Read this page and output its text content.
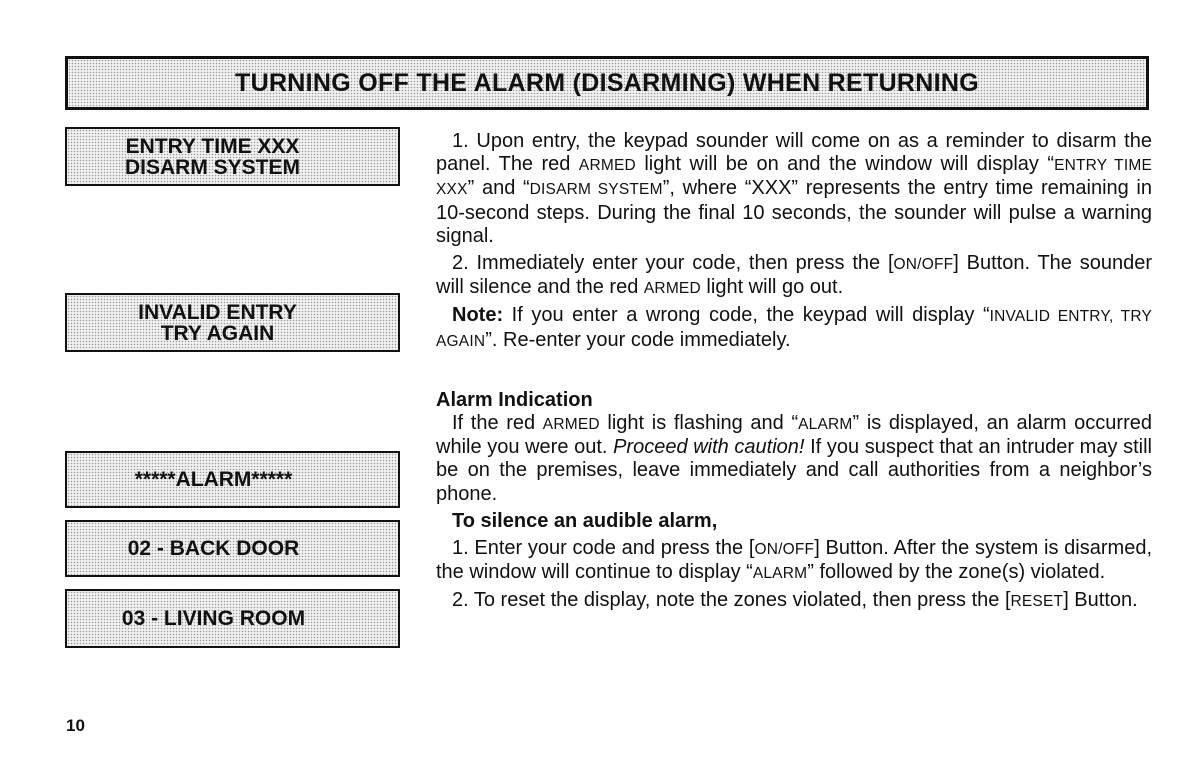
TURNING OFF THE ALARM (DISARMING) WHEN RETURNING
ENTRY TIME XXX
DISARM SYSTEM
INVALID ENTRY
TRY AGAIN
*****ALARM*****
02 - BACK DOOR
03 - LIVING ROOM

1. Upon entry, the keypad sounder will come on as a reminder to disarm the panel. The red ARMED light will be on and the window will display “ENTRY TIME XXX” and “DISARM SYSTEM”, where “XXX” represents the entry time remaining in 10-second steps. During the final 10 seconds, the sounder will pulse a warning signal.

2. Immediately enter your code, then press the [ON/OFF] Button. The sounder will silence and the red ARMED light will go out.

Note: If you enter a wrong code, the keypad will display “INVALID ENTRY, TRY AGAIN”. Re-enter your code immediately.

Alarm Indication

If the red ARMED light is flashing and “ALARM” is displayed, an alarm occurred while you were out. Proceed with caution! If you suspect that an intruder may still be on the premises, leave immediately and call authorities from a neighbor’s phone.

To silence an audible alarm,

1. Enter your code and press the [ON/OFF] Button. After the system is disarmed, the window will continue to display “ALARM” followed by the zone(s) violated.

2. To reset the display, note the zones violated, then press the [RESET] Button.

10
